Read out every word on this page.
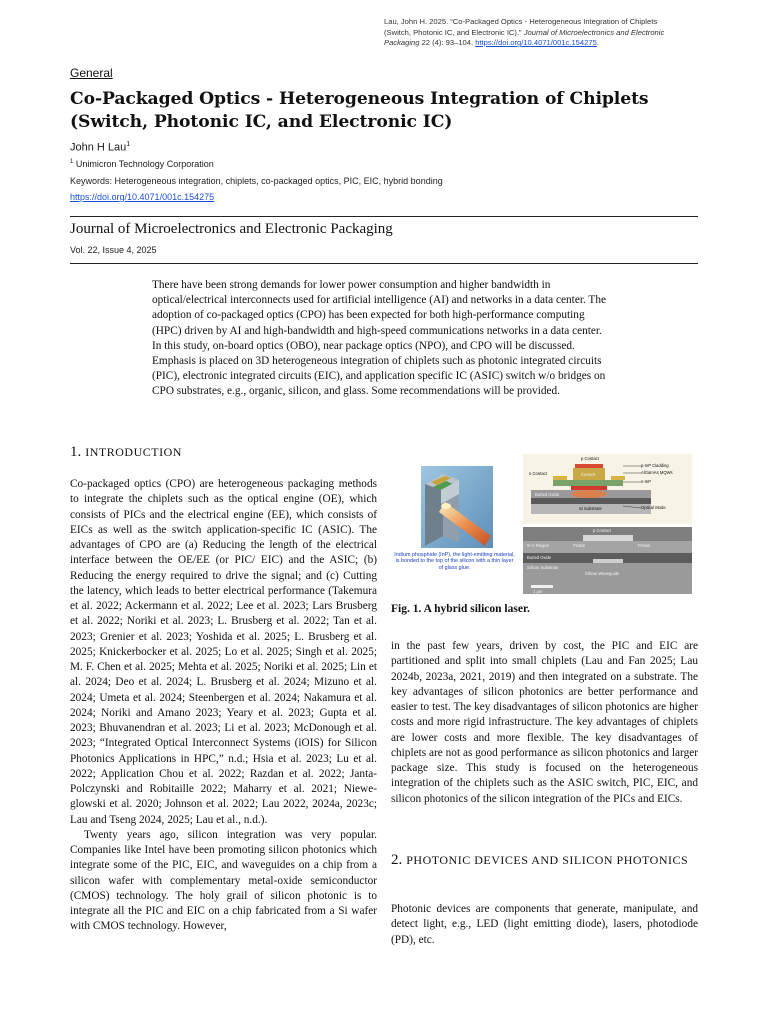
Lau, John H. 2025. “Co-Packaged Optics - Heterogeneous Integration of Chiplets (Switch, Photonic IC, and Electronic IC).” Journal of Microelectronics and Electronic Packaging 22 (4): 93–104. https://doi.org/10.4071/001c.154275.
General
Co-Packaged Optics - Heterogeneous Integration of Chiplets (Switch, Photonic IC, and Electronic IC)
John H Lau$^1$
$^1$ Unimicron Technology Corporation
Keywords: Heterogeneous integration, chiplets, co-packaged optics, PIC, EIC, hybrid bonding
https://doi.org/10.4071/001c.154275
Journal of Microelectronics and Electronic Packaging
Vol. 22, Issue 4, 2025
There have been strong demands for lower power consumption and higher bandwidth in optical/electrical interconnects used for artificial intelligence (AI) and networks in a data center. The adoption of co-packaged optics (CPO) has been expected for both high-performance computing (HPC) driven by AI and high-bandwidth and high-speed communications networks in a data center. In this study, on-board optics (OBO), near package optics (NPO), and CPO will be discussed. Emphasis is placed on 3D heterogeneous integration of chiplets such as photonic integrated circuits (PIC), electronic integrated circuits (EIC), and application specific IC (ASIC) switch w/o bridges on CPO substrates, e.g., organic, silicon, and glass. Some recommendations will be provided.
1. INTRODUCTION

Co-packaged optics (CPO) are heterogeneous packaging methods to integrate the chiplets such as the optical engine (OE), which consists of PICs and the electrical engine (EE), which consists of EICs as well as the switch application-specific IC (ASIC). The advantages of CPO are (a) Reducing the length of the electrical interface between the OE/EE (or PIC/ EIC) and the ASIC; (b) Reducing the energy required to drive the signal; and (c) Cutting the latency, which leads to better electrical performance (Takemura et al. 2022; Ackermann et al. 2022; Lee et al. 2023; Lars Brusberg et al. 2022; Noriki et al. 2023; L. Brusberg et al. 2022; Tan et al. 2023; Grenier et al. 2023; Yoshida et al. 2025; L. Brusberg et al. 2025; Knickerbocker et al. 2025; Lo et al. 2025; Singh et al. 2025; M. F. Chen et al. 2025; Mehta et al. 2025; Noriki et al. 2025; Lin et al. 2024; Deo et al. 2024; L. Brusberg et al. 2024; Mizuno et al. 2024; Umeta et al. 2024; Steenbergen et al. 2024; Nakamura et al. 2024; Noriki and Amano 2023; Yeary et al. 2023; Gupta et al. 2023; Bhuvanendran et al. 2023; Li et al. 2023; McDonough et al. 2023; “Integrated Optical Interconnect Systems (iOIS) for Silicon Photonics Applications in HPC,” n.d.; Hsia et al. 2023; Lu et al. 2022; Application Chou et al. 2022; Razdan et al. 2022; Janta-Polczynski and Robitaille 2022; Maharry et al. 2021; Niewe-glowski et al. 2020; Johnson et al. 2022; Lau 2022, 2024a, 2023c; Lau and Tseng 2024, 2025; Lau et al., n.d.).

Twenty years ago, silicon integration was very popular. Companies like Intel have been promoting silicon photonics which integrate some of the PIC, EIC, and waveguides on a chip from a silicon wafer with complementary metal-oxide semiconductor (CMOS) technology. The holy grail of silicon photonic is to integrate all the PIC and EIC on a chip fabricated from a Si wafer with CMOS technology. However,

Indium phosphide (InP), the light-emitting material, is bonded to the top of the silicon with a thin layer of glass glue.
p Contact
p-InP Cladding
AlGaInAs MQWs
n-InP
n Contact	Current
Buried Oxide
Si Substrate	Optical Mode
p Contact
III-V Region	Proton	Proton
Buried Oxide
Silicon Substrate
Silicon Waveguide
1 µm
Fig. 1. A hybrid silicon laser.

in the past few years, driven by cost, the PIC and EIC are partitioned and split into small chiplets (Lau and Fan 2025; Lau 2024b, 2023a, 2021, 2019) and then integrated on a substrate. The key advantages of silicon photonics are better performance and easier to test. The key disadvantages of silicon photonics are higher costs and more rigid infrastructure. The key advantages of chiplets are lower costs and more flexible. The key disadvantages of chiplets are not as good performance as silicon photonics and larger package size. This study is focused on the heterogeneous integration of the chiplets such as the ASIC switch, PIC, EIC, and silicon photonics of the silicon integration of the PICs and EICs.

2. PHOTONIC DEVICES AND SILICON PHOTONICS

Photonic devices are components that generate, manipulate, and detect light, e.g., LED (light emitting diode), lasers, photodiode (PD), etc.
